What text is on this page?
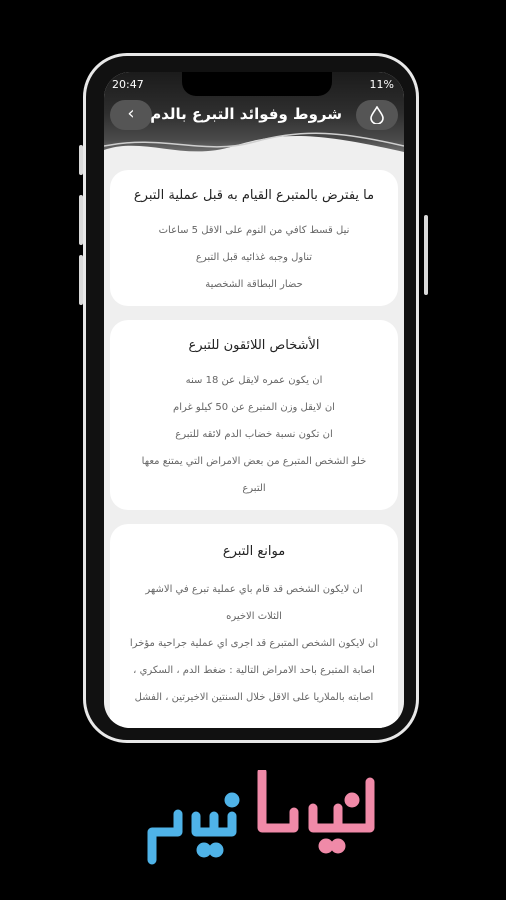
20:47	11%
‹	شروط وفوائد التبرع بالدم
ما يفترض بالمتبرع القيام به قبل عملية التبرع

نيل قسط كافي من النوم على الاقل 5 ساعات

تناول وجبه غذائيه قبل التبرع

حضار البطاقة الشخصية

الأشخاص اللائقون للتبرع

ان يكون عمره لايقل عن 18 سنه

ان لايقل وزن المتبرع عن 50 كيلو غرام

ان تكون نسبة خضاب الدم لائقه للتبرع

خلو الشخص المتبرع من بعض الامراض التي يمتنع معها

التبرع

موانع التبرع

ان لايكون الشخص قد قام باي عملية تبرع في الاشهر

الثلاث الاخيره

ان لايكون الشخص المتبرع قد اجرى اي عملية جراحية مؤخراً

اصابة المتبرع باحد الامراض التالية : ضغط الدم ، السكري ،

اصابته بالملاريا على الاقل خلال السنتين الاخيرتين ، الفشل
